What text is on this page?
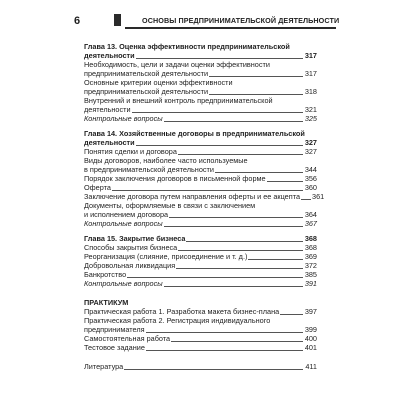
6	ОСНОВЫ ПРЕДПРИНИМАТЕЛЬСКОЙ ДЕЯТЕЛЬНОСТИ
Глава 13. Оценка эффективности предпринимательской
деятельности	317
Необходимость, цели и задачи оценки эффективности
предпринимательской деятельности	317
Основные критерии оценки эффективности
предпринимательской деятельности	318
Внутренний и внешний контроль предпринимательской
деятельности	321
Контрольные вопросы	325
Глава 14. Хозяйственные договоры в предпринимательской
деятельности	327
Понятия сделки и договора	327
Виды договоров, наиболее часто используемые
в предпринимательской деятельности	344
Порядок заключения договоров в письменной форме	356
Оферта	360
Заключение договора путем направления оферты и ее акцепта 361
Документы, оформляемые в связи с заключением
и исполнением договора	364
Контрольные вопросы	367
Глава 15. Закрытие бизнеса	368
Способы закрытия бизнеса	368
Реорганизация (слияние, присоединение и т. д.)	369
Добровольная ликвидация	372
Банкротство	385
Контрольные вопросы	391
ПРАКТИКУМ
Практическая работа 1. Разработка макета бизнес-плана	397
Практическая работа 2. Регистрация индивидуального
предпринимателя	399
Самостоятельная работа	400
Тестовое задание	401
Литература	411
